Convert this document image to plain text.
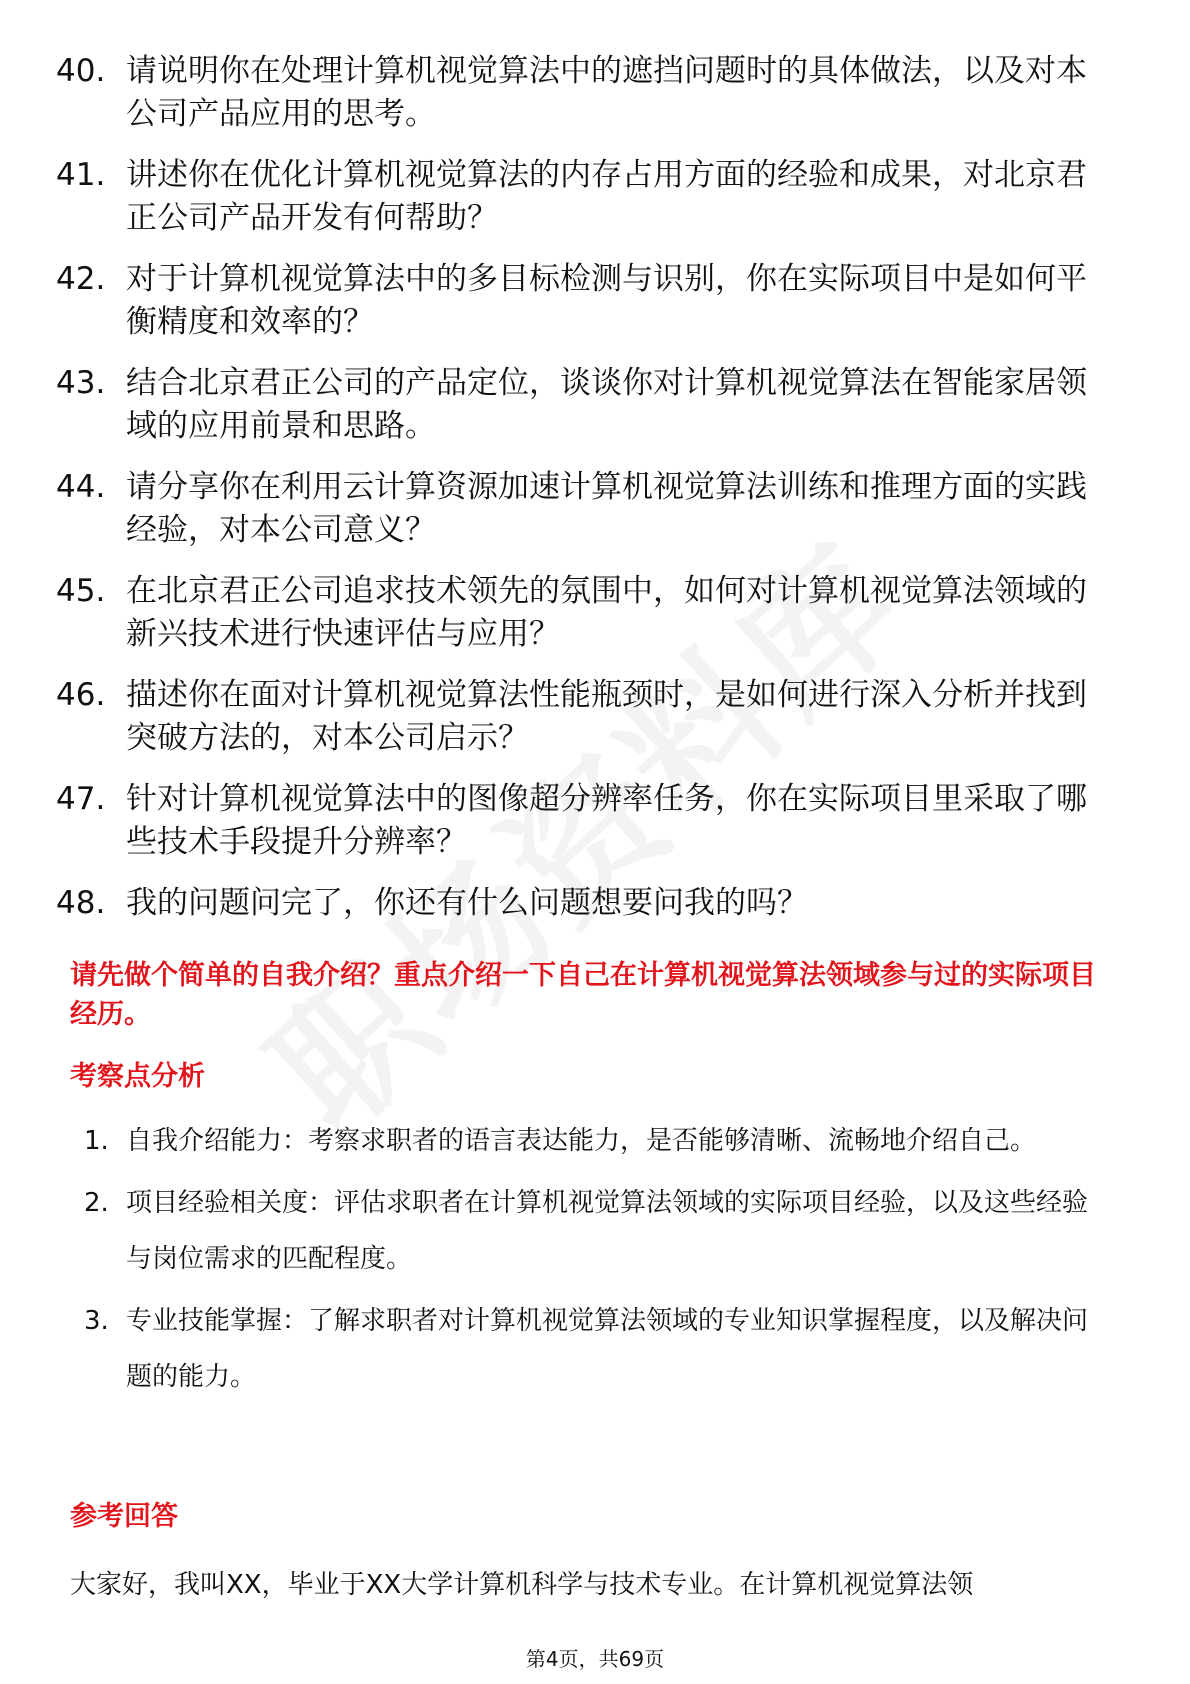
40. 请说明你在处理计算机视觉算法中的遮挡问题时的具体做法，以及对本公司产品应用的思考。
41. 讲述你在优化计算机视觉算法的内存占用方面的经验和成果，对北京君正公司产品开发有何帮助？
42. 对于计算机视觉算法中的多目标检测与识别，你在实际项目中是如何平衡精度和效率的？
43. 结合北京君正公司的产品定位，谈谈你对计算机视觉算法在智能家居领域的应用前景和思路。
44. 请分享你在利用云计算资源加速计算机视觉算法训练和推理方面的实践经验，对本公司意义？
45. 在北京君正公司追求技术领先的氛围中，如何对计算机视觉算法领域的新兴技术进行快速评估与应用？
46. 描述你在面对计算机视觉算法性能瓶颈时，是如何进行深入分析并找到突破方法的，对本公司启示？
47. 针对计算机视觉算法中的图像超分辨率任务，你在实际项目里采取了哪些技术手段提升分辨率？
48. 我的问题问完了，你还有什么问题想要问我的吗？
请先做个简单的自我介绍？重点介绍一下自己在计算机视觉算法领域参与过的实际项目经历。
考察点分析
1. 自我介绍能力：考察求职者的语言表达能力，是否能够清晰、流畅地介绍自己。
2. 项目经验相关度：评估求职者在计算机视觉算法领域的实际项目经验，以及这些经验与岗位需求的匹配程度。
3. 专业技能掌握：了解求职者对计算机视觉算法领域的专业知识掌握程度，以及解决问题的能力。
参考回答
大家好，我叫XX，毕业于XX大学计算机科学与技术专业。在计算机视觉算法领
第4页，共69页
